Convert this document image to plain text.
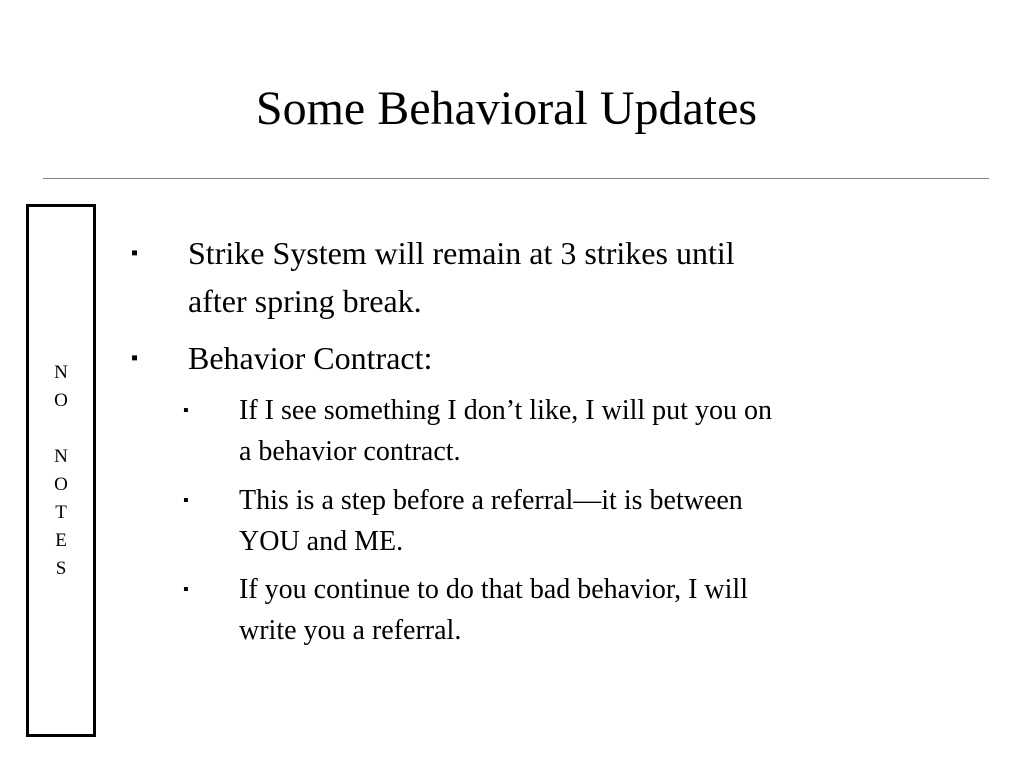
Some Behavioral Updates
N
O
N
O
T
E
S
▪ Strike System will remain at 3 strikes until
after spring break.
▪ Behavior Contract:
▪ If I see something I don’t like, I will put you on
a behavior contract.
▪ This is a step before a referral—it is between
YOU and ME.
▪ If you continue to do that bad behavior, I will
write you a referral.
